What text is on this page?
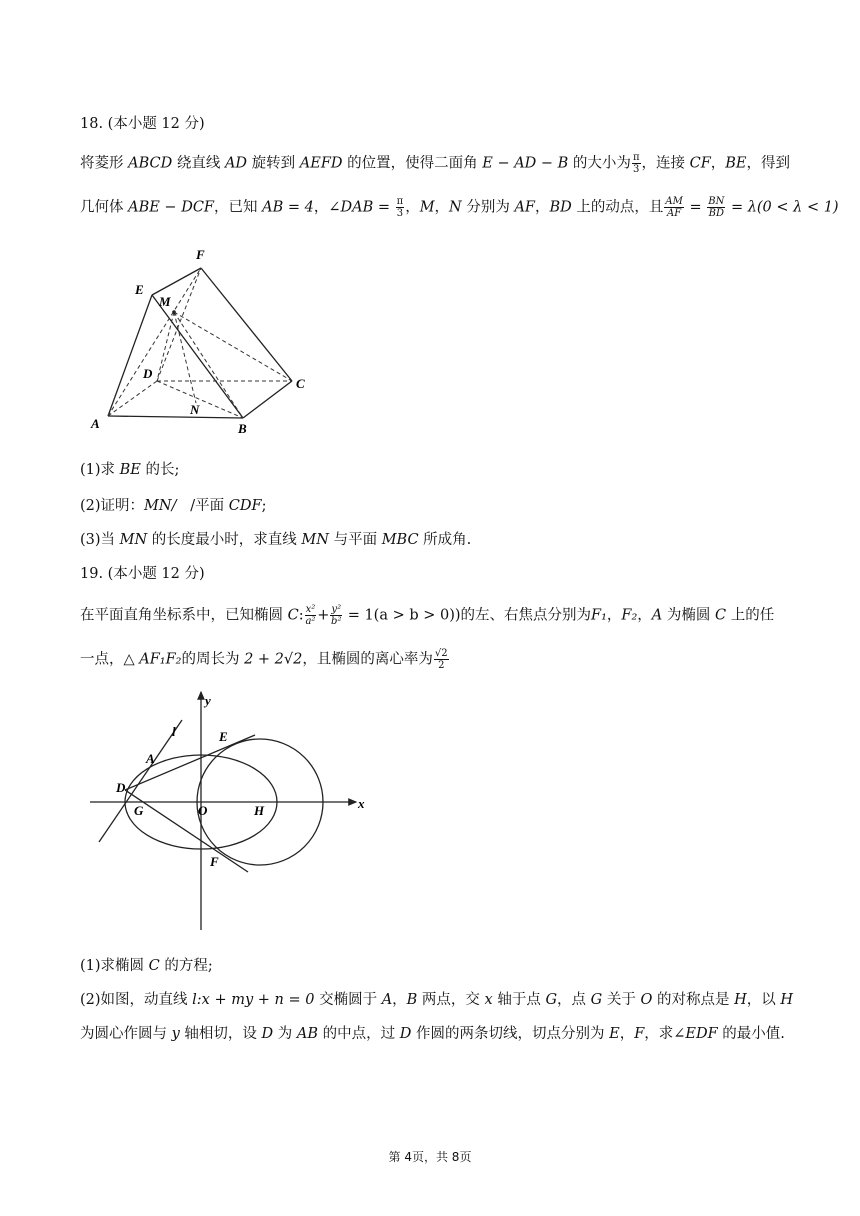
18. (本小题 12 分)
将菱形 ABCD 绕直线 AD 旋转到 AEFD 的位置，使得二面角 E − AD − B 的大小为 $\frac{\pi}{3}$ ，连接 CF，BE，得到
几何体 ABE − DCF，已知 AB = 4，∠DAB = $\frac{\pi}{3}$ ，M，N 分别为 AF，BD 上的动点，且 $\frac{AM}{AF} = \frac{BN}{BD} = \lambda(0 < \lambda < 1)$
F
E
M
D
C
N
A	B
(1)求 BE 的长;
(2)证明：MN/   /平面 CDF;
(3)当 MN 的长度最小时，求直线 MN 与平面 MBC 所成角.
19. (本小题 12 分)
在平面直角坐标系中，已知椭圆 C: $\frac{\text{x²}}{\text{a²}} + \frac{\text{y²}}{\text{b²}} = 1(a > b > 0)$)的左、右焦点分别为F₁，F₂，A 为椭圆 C 上的任
一点，△ AF₁F₂的周长为 2 + 2√2，且椭圆的离心率为 $\frac{√2}{2}$
y
x
l	E
A
D
G	O	H
F
(1)求椭圆 C 的方程;
(2)如图，动直线 l:x + my + n = 0 交椭圆于 A，B 两点，交 x 轴于点 G，点 G 关于 O 的对称点是 H，以 H
为圆心作圆与 y 轴相切，设 D 为 AB 的中点，过 D 作圆的两条切线，切点分别为 E，F，求∠EDF 的最小值.
第 4页，共 8页
